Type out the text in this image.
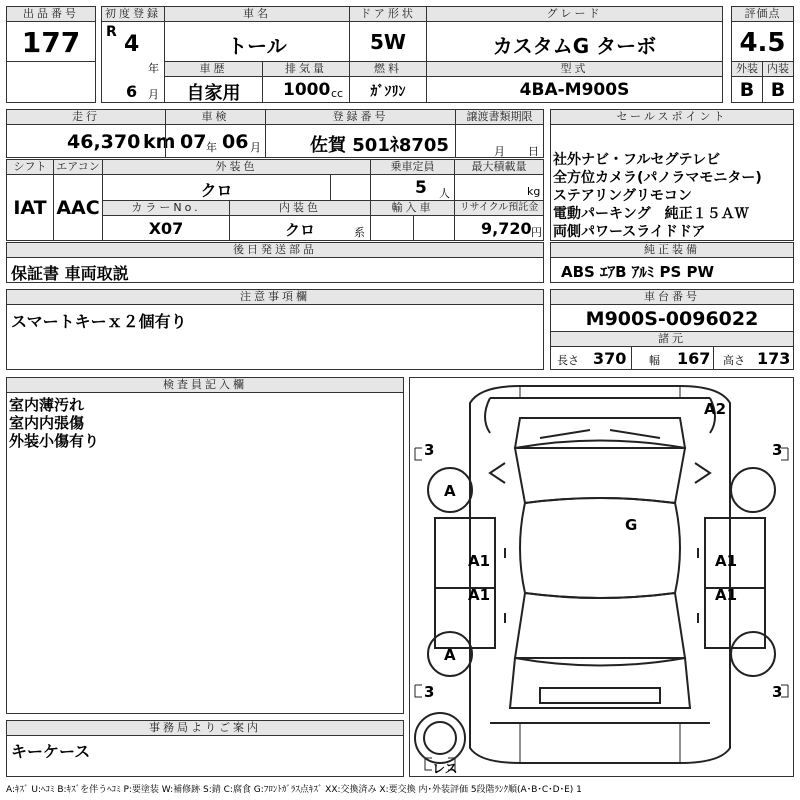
出品番号
177
初度登録
R 4
年
6 月
車名
トール
ドア形状
5W
グレード
カスタムG ターボ
評価点
4.5
車歴
自家用
排気量
1000 cc
燃料
ｶﾞｿﾘﾝ
型式
4BA-M900S
外装 内装
B B
走行
46,370 km
車検
07 年 06 月
登録番号
佐賀 501ﾈ8705
譲渡書類期限
月 日
シフト エアコン
IAT AAC
外装色
クロ
乗車定員
5 人
最大積載量
kg
カラーNo.
X07
内装色
クロ	系
輸入車	リサイクル預託金
9,720 円
後日発送部品
保証書 車両取説
セールスポイント
社外ナビ・フルセグテレビ
全方位カメラ(パノラマモニター)
ステアリングリモコン
電動パーキング　純正１５ＡＷ
両側パワースライドドア
純正装備
ABS ｴｱB ｱﾙﾐ PS PW
注意事項欄
スマートキーｘ２個有り
車台番号
M900S-0096022
諸元
長さ 370 幅 167 高さ 173
検査員記入欄
室内薄汚れ
室内内張傷
外装小傷有り
事務局よりご案内
キーケース
A2
G
A1	A1
A1	A1
A
A
3	3
3	3
レス
A:ｷｽﾞ U:ﾍｺﾐ B:ｷｽﾞを伴うﾍｺﾐ P:要塗装 W:補修跡 S:錆 C:腐食 G:ﾌﾛﾝﾄｶﾞﾗｽ点ｷｽﾞ XX:交換済み X:要交換 内･外装評価 5段階ﾗﾝｸ順(A･B･C･D･E) 1
